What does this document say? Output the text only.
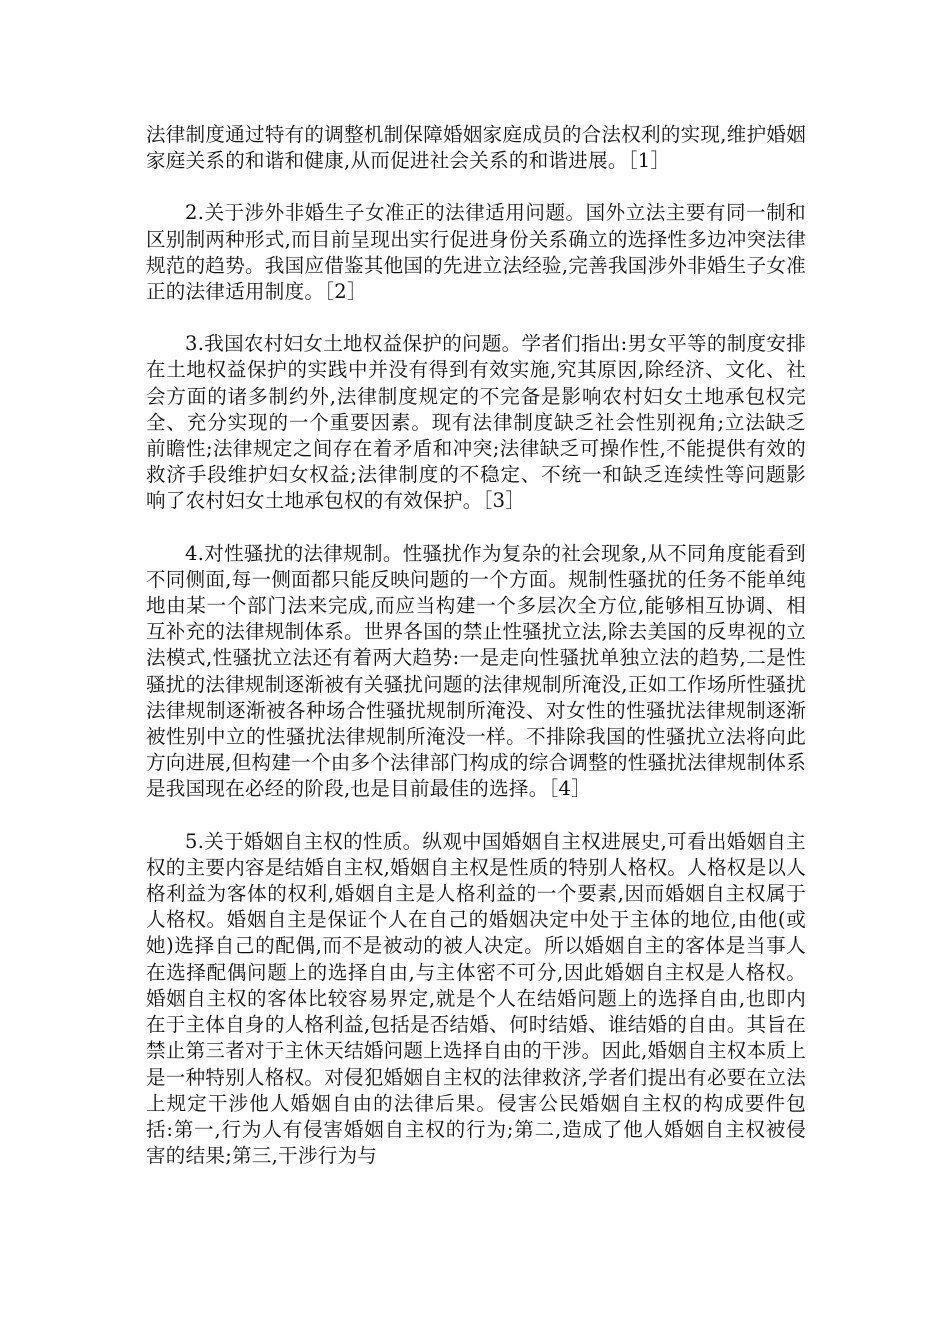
法律制度通过特有的调整机制保障婚姻家庭成员的合法权利的实现,维护婚姻家庭关系的和谐和健康,从而促进社会关系的和谐进展。［1］

2.关于涉外非婚生子女准正的法律适用问题。国外立法主要有同一制和区别制两种形式,而目前呈现出实行促进身份关系确立的选择性多边冲突法律规范的趋势。我国应借鉴其他国的先进立法经验,完善我国涉外非婚生子女准正的法律适用制度。［2］

3.我国农村妇女土地权益保护的问题。学者们指出:男女平等的制度安排在土地权益保护的实践中并没有得到有效实施,究其原因,除经济、文化、社会方面的诸多制约外,法律制度规定的不完备是影响农村妇女土地承包权完全、充分实现的一个重要因素。现有法律制度缺乏社会性别视角;立法缺乏前瞻性;法律规定之间存在着矛盾和冲突;法律缺乏可操作性,不能提供有效的救济手段维护妇女权益;法律制度的不稳定、不统一和缺乏连续性等问题影响了农村妇女土地承包权的有效保护。［3］

4.对性骚扰的法律规制。性骚扰作为复杂的社会现象,从不同角度能看到不同侧面,每一侧面都只能反映问题的一个方面。规制性骚扰的任务不能单纯地由某一个部门法来完成,而应当构建一个多层次全方位,能够相互协调、相互补充的法律规制体系。世界各国的禁止性骚扰立法,除去美国的反卑视的立法模式,性骚扰立法还有着两大趋势:一是走向性骚扰单独立法的趋势,二是性骚扰的法律规制逐渐被有关骚扰问题的法律规制所淹没,正如工作场所性骚扰法律规制逐渐被各种场合性骚扰规制所淹没、对女性的性骚扰法律规制逐渐被性别中立的性骚扰法律规制所淹没一样。不排除我国的性骚扰立法将向此方向进展,但构建一个由多个法律部门构成的综合调整的性骚扰法律规制体系是我国现在必经的阶段,也是目前最佳的选择。［4］

5.关于婚姻自主权的性质。纵观中国婚姻自主权进展史,可看出婚姻自主权的主要内容是结婚自主权,婚姻自主权是性质的特别人格权。人格权是以人格利益为客体的权利,婚姻自主是人格利益的一个要素,因而婚姻自主权属于人格权。婚姻自主是保证个人在自己的婚姻决定中处于主体的地位,由他(或她)选择自己的配偶,而不是被动的被人决定。所以婚姻自主的客体是当事人在选择配偶问题上的选择自由,与主体密不可分,因此婚姻自主权是人格权。婚姻自主权的客体比较容易界定,就是个人在结婚问题上的选择自由,也即内在于主体自身的人格利益,包括是否结婚、何时结婚、谁结婚的自由。其旨在禁止第三者对于主休天结婚问题上选择自由的干涉。因此,婚姻自主权本质上是一种特别人格权。对侵犯婚姻自主权的法律救济,学者们提出有必要在立法上规定干涉他人婚姻自由的法律后果。侵害公民婚姻自主权的构成要件包括:第一,行为人有侵害婚姻自主权的行为;第二,造成了他人婚姻自主权被侵害的结果;第三,干涉行为与
